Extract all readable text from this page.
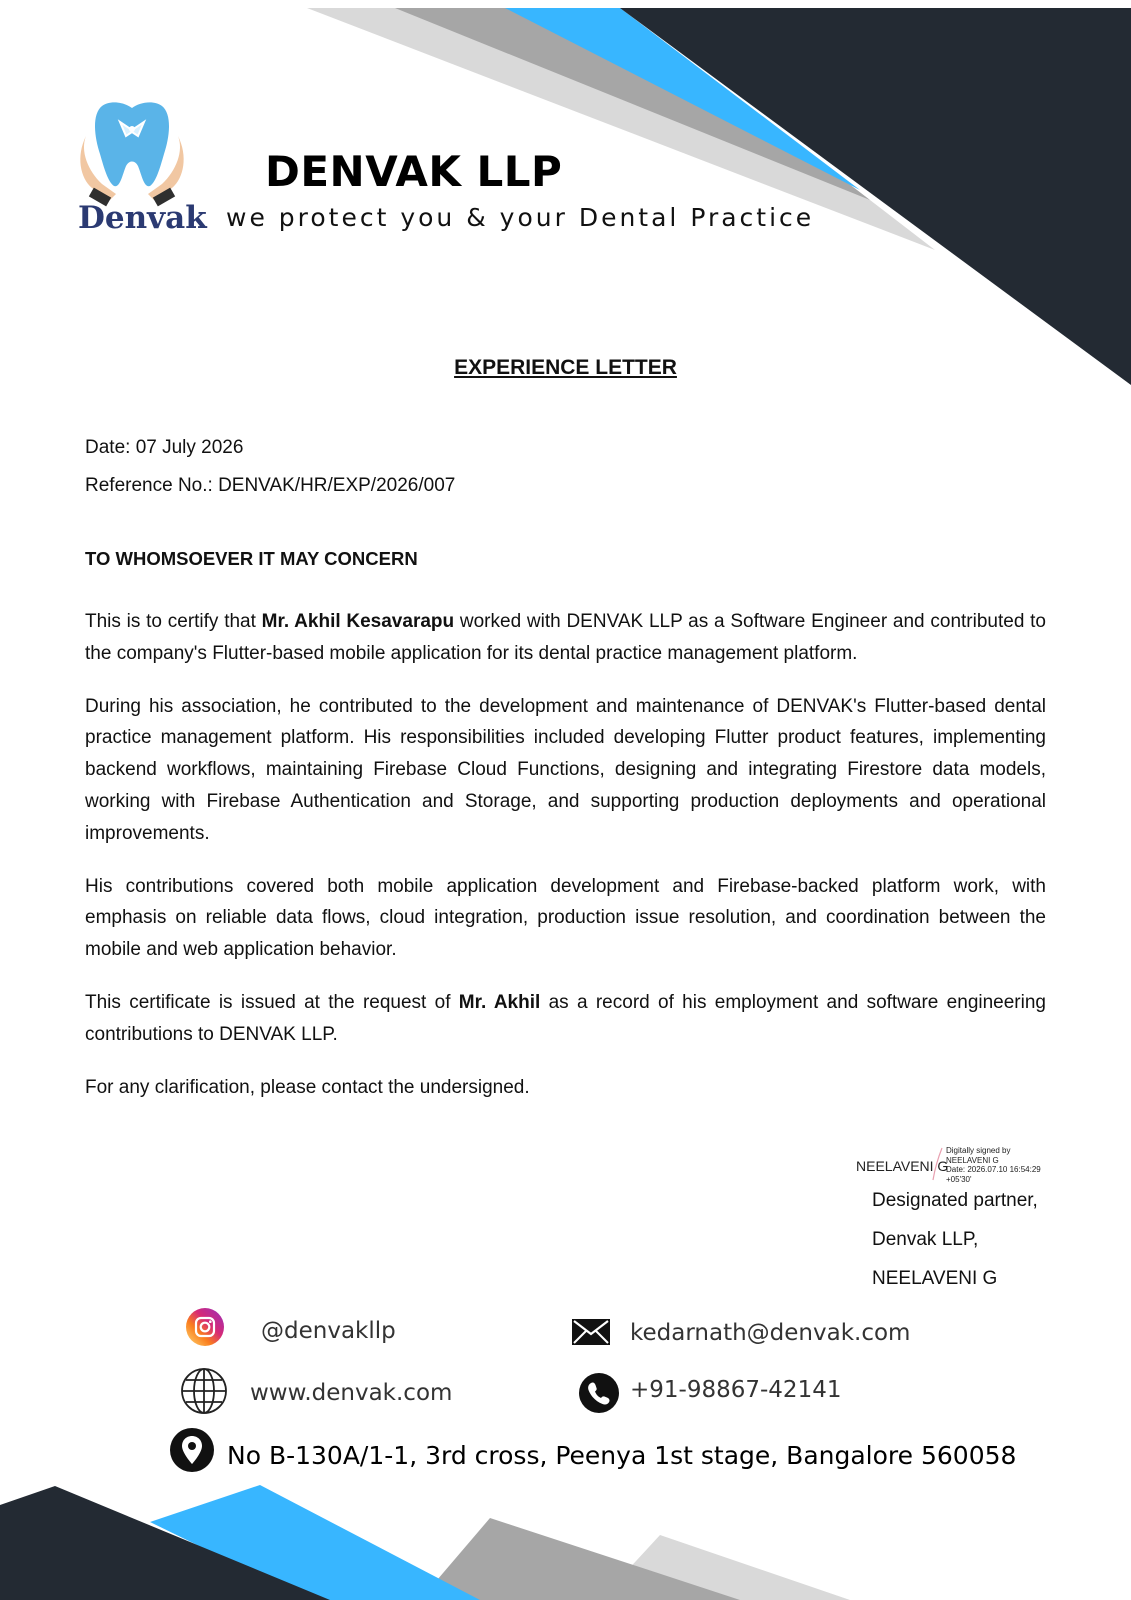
Denvak
DENVAK LLP
we protect you & your Dental Practice
EXPERIENCE LETTER
Date: 07 July 2026
Reference No.: DENVAK/HR/EXP/2026/007
TO WHOMSOEVER IT MAY CONCERN

This is to certify that Mr. Akhil Kesavarapu worked with DENVAK LLP as a Software Engineer and contributed to the company's Flutter-based mobile application for its dental practice management platform.

During his association, he contributed to the development and maintenance of DENVAK's Flutter-based dental practice management platform. His responsibilities included developing Flutter product features, implementing backend workflows, maintaining Firebase Cloud Functions, designing and integrating Firestore data models, working with Firebase Authentication and Storage, and supporting production deployments and operational improvements.

His contributions covered both mobile application development and Firebase-backed platform work, with emphasis on reliable data flows, cloud integration, production issue resolution, and coordination between the mobile and web application behavior.

This certificate is issued at the request of Mr. Akhil as a record of his employment and software engineering contributions to DENVAK LLP.

For any clarification, please contact the undersigned.

NEELAVENI G
Digitally signed by
NEELAVENI G
Date: 2026.07.10 16:54:29
+05'30'
Designated partner,
Denvak LLP,
NEELAVENI G
@denvakllp	kedarnath@denvak.com
www.denvak.com	+91-98867-42141
No B-130A/1-1, 3rd cross, Peenya 1st stage, Bangalore 560058
